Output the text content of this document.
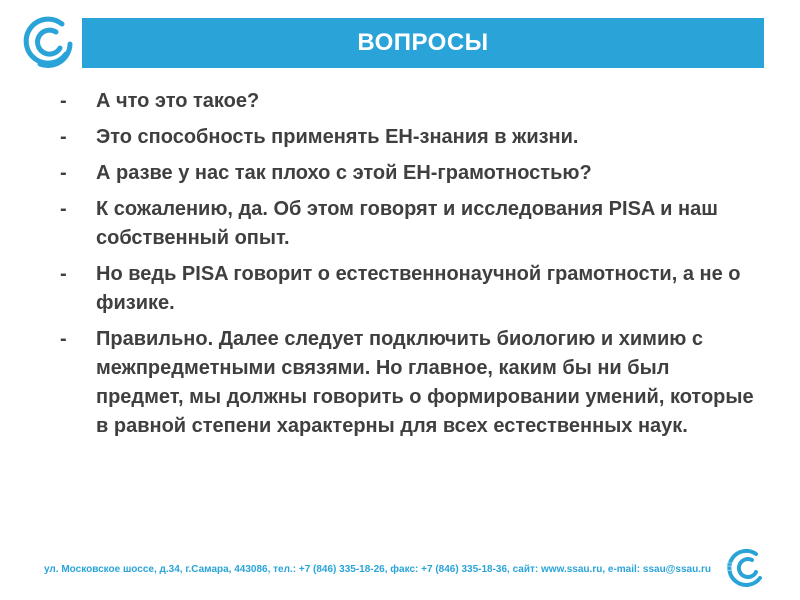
ВОПРОСЫ
-	А что это такое?
-	Это способность применять ЕН-знания в жизни.
-	А разве у нас так плохо с этой ЕН-грамотностью?
-	К сожалению, да. Об этом говорят и исследования PISA и наш собственный опыт.
-	Но ведь PISA говорит о естественнонаучной грамотности, а не о физике.
-	Правильно. Далее следует подключить биологию и химию с межпредметными связями. Но главное, каким бы ни был предмет, мы должны говорить о формировании умений, которые в равной степени характерны для всех естественных наук.
ул. Московское шоссе, д.34, г.Самара, 443086, тел.: +7 (846) 335-18-26, факс: +7 (846) 335-18-36, сайт: www.ssau.ru, e-mail: ssau@ssau.ru 5
